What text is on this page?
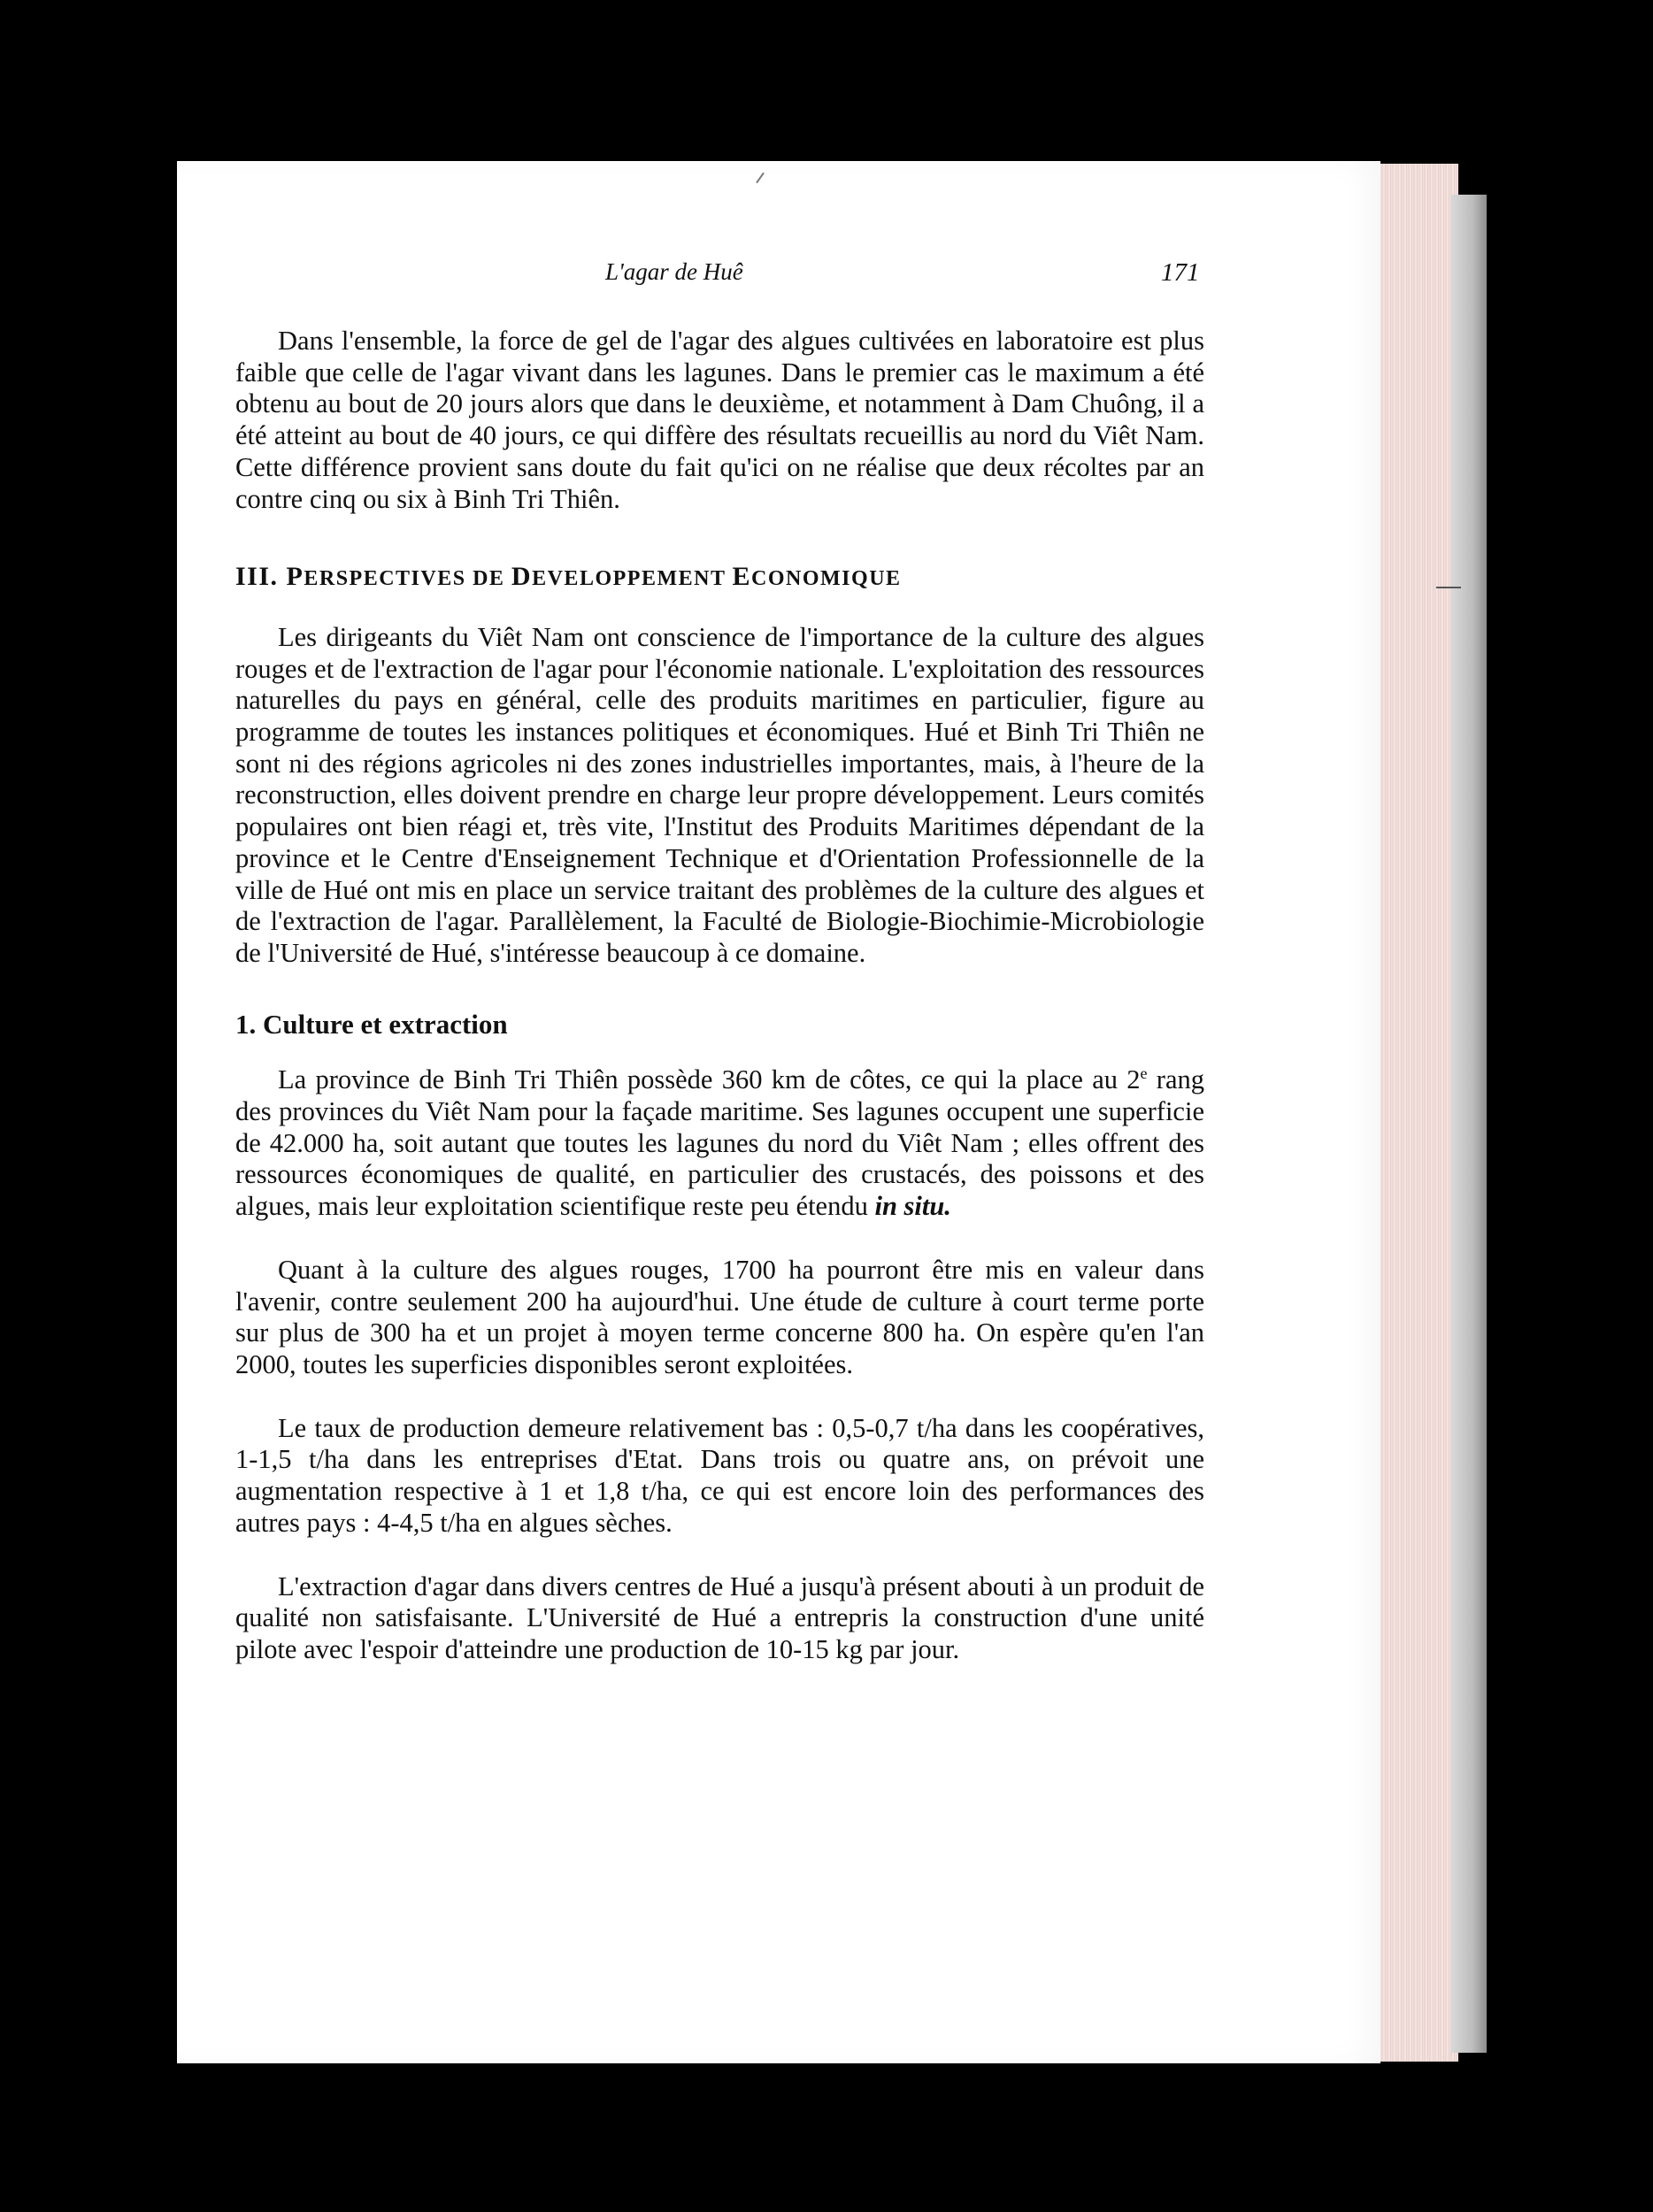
L'agar de Huê	171

Dans l'ensemble, la force de gel de l'agar des algues cultivées en laboratoire est plus faible que celle de l'agar vivant dans les lagunes. Dans le premier cas le maximum a été obtenu au bout de 20 jours alors que dans le deuxième, et notamment à Dam Chuông, il a été atteint au bout de 40 jours, ce qui diffère des résultats recueillis au nord du Viêt Nam. Cette différence provient sans doute du fait qu'ici on ne réalise que deux récoltes par an contre cinq ou six à Binh Tri Thiên.

III. PERSPECTIVES DE DEVELOPPEMENT ECONOMIQUE

Les dirigeants du Viêt Nam ont conscience de l'importance de la culture des algues rouges et de l'extraction de l'agar pour l'économie nationale. L'exploitation des ressources naturelles du pays en général, celle des produits maritimes en particulier, figure au programme de toutes les instances politiques et économiques. Hué et Binh Tri Thiên ne sont ni des régions agricoles ni des zones industrielles importantes, mais, à l'heure de la reconstruction, elles doivent prendre en charge leur propre développement. Leurs comités populaires ont bien réagi et, très vite, l'Institut des Produits Maritimes dépendant de la province et le Centre d'Enseignement Technique et d'Orientation Professionnelle de la ville de Hué ont mis en place un service traitant des problèmes de la culture des algues et de l'extraction de l'agar. Parallèlement, la Faculté de Biologie-Biochimie-Microbiologie de l'Université de Hué, s'intéresse beaucoup à ce domaine.

1. Culture et extraction

La province de Binh Tri Thiên possède 360 km de côtes, ce qui la place au 2e rang des provinces du Viêt Nam pour la façade maritime. Ses lagunes occupent une superficie de 42.000 ha, soit autant que toutes les lagunes du nord du Viêt Nam ; elles offrent des ressources économiques de qualité, en particulier des crustacés, des poissons et des algues, mais leur exploitation scientifique reste peu étendu in situ.

Quant à la culture des algues rouges, 1700 ha pourront être mis en valeur dans l'avenir, contre seulement 200 ha aujourd'hui. Une étude de culture à court terme porte sur plus de 300 ha et un projet à moyen terme concerne 800 ha. On espère qu'en l'an 2000, toutes les superficies disponibles seront exploitées.

Le taux de production demeure relativement bas : 0,5-0,7 t/ha dans les coopératives, 1-1,5 t/ha dans les entreprises d'Etat. Dans trois ou quatre ans, on prévoit une augmentation respective à 1 et 1,8 t/ha, ce qui est encore loin des performances des autres pays : 4-4,5 t/ha en algues sèches.

L'extraction d'agar dans divers centres de Hué a jusqu'à présent abouti à un produit de qualité non satisfaisante. L'Université de Hué a entrepris la construction d'une unité pilote avec l'espoir d'atteindre une production de 10-15 kg par jour.
